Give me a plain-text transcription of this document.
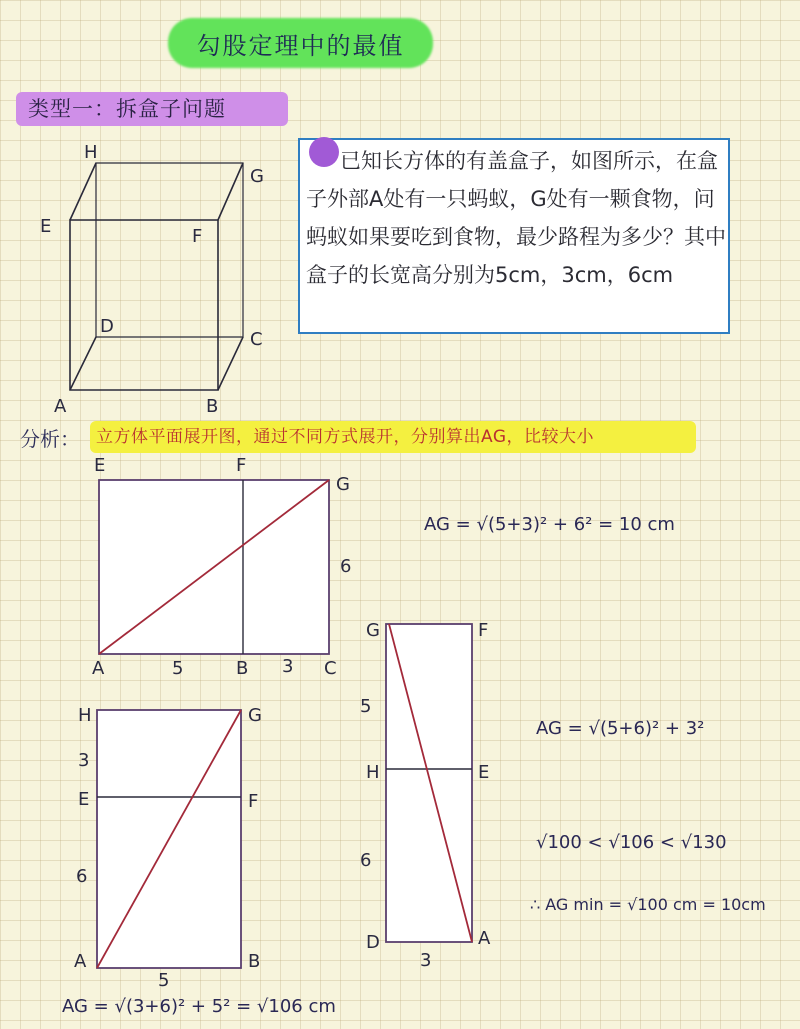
勾股定理中的最值
类型一：拆盒子问题
已知长方体的有盖盒子，如图所示，在盒子外部A处有一只蚂蚁，G处有一颗食物，问蚂蚁如果要吃到食物，最少路程为多少？其中盒子的长宽高分别为5cm，3cm，6cm
分析： 立方体平面展开图，通过不同方式展开，分别算出AG，比较大小
H
G
E	F
D
C
A	B
E	F
G
A	B	C
5	3
6
H	G
E	F
A	B
3
6
5
G	F
H	E
D	A
5
6
3
AG = √(5+3)² + 6² = 10 cm
AG = √(5+6)² + 3²
√100 < √106 < √130
∴ AG min = √100 cm = 10cm
AG = √(3+6)² + 5² = √106 cm
